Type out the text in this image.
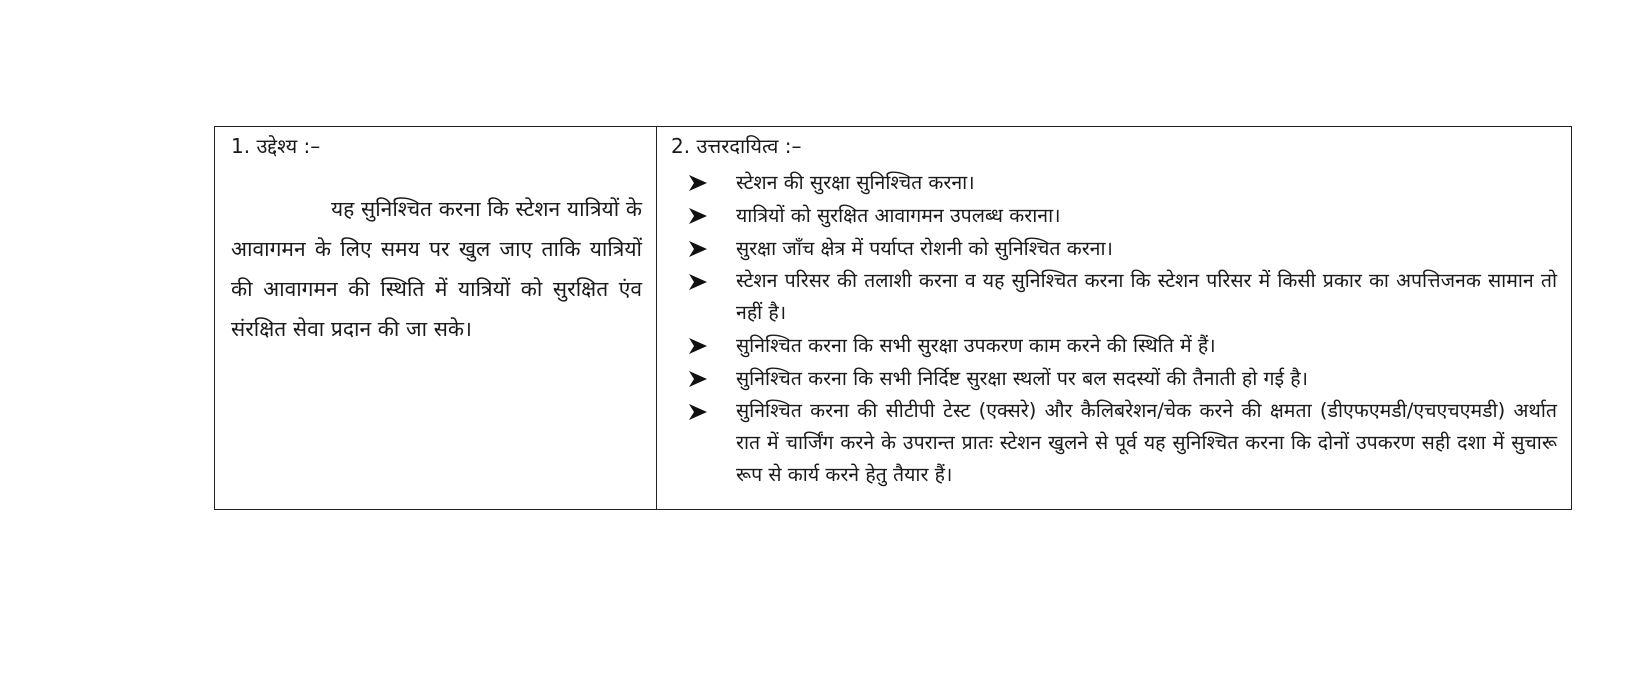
1. उद्देश्य :–
यह सुनिश्चित करना कि स्टेशन यात्रियों के आवागमन के लिए समय पर खुल जाए ताकि यात्रियों की आवागमन की स्थिति में यात्रियों को सुरक्षित एंव संरक्षित सेवा प्रदान की जा सके।
2. उत्तरदायित्व :–
स्टेशन की सुरक्षा सुनिश्चित करना।
यात्रियों को सुरक्षित आवागमन उपलब्ध कराना।
सुरक्षा जाँच क्षेत्र में पर्याप्त रोशनी को सुनिश्चित करना।
स्टेशन परिसर की तलाशी करना व यह सुनिश्चित करना कि स्टेशन परिसर में किसी प्रकार का अपत्तिजनक सामान तो नहीं है।
सुनिश्चित करना कि सभी सुरक्षा उपकरण काम करने की स्थिति में हैं।
सुनिश्चित करना कि सभी निर्दिष्ट सुरक्षा स्थलों पर बल सदस्यों की तैनाती हो गई है।
सुनिश्चित करना की सीटीपी टेस्ट (एक्सरे) और कैलिबरेशन/चेक करने की क्षमता (डीएफएमडी/एचएचएमडी) अर्थात रात में चार्जिंग करने के उपरान्त प्रातः स्टेशन खुलने से पूर्व यह सुनिश्चित करना कि दोनों उपकरण सही दशा में सुचारू रूप से कार्य करने हेतु तैयार हैं।
